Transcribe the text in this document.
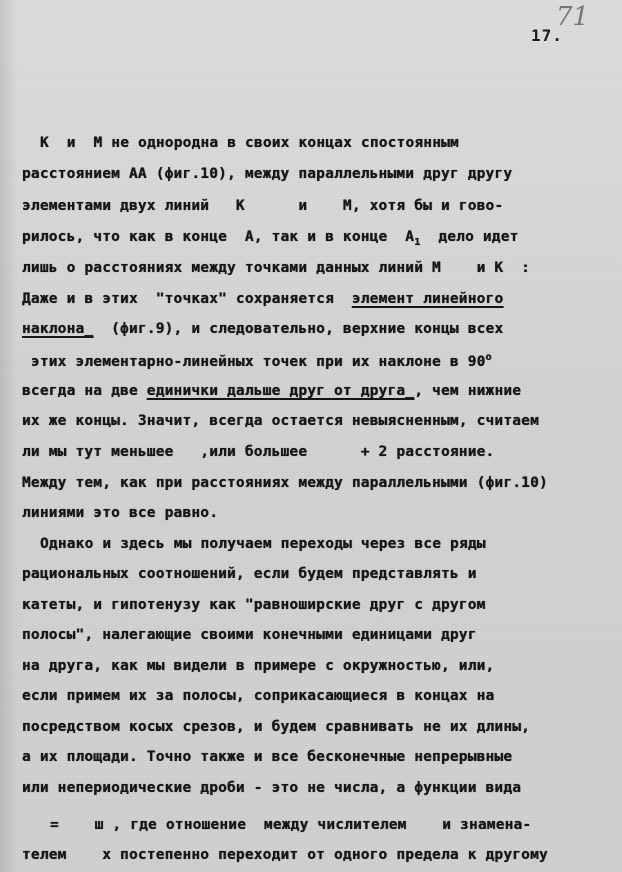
71
17.
К  и  М не однородна в своих концах спостоянным
расстоянием АА (фиг.10), между параллельными друг другу
элементами двух линий   К      и    М, хотя бы и гово-
рилось, что как в конце  А, так и в конце  $А_1$  дело идет
лишь о расстояниях между точками данных линий М    и К  :
Даже и в этих  "точках" сохраняется  элемент линейного
наклона_  (фиг.9), и следовательно, верхние концы всех
этих элементарно-линейных точек при их наклоне в 90$^o$
всегда на две единички дальше друг от друга_, чем нижние
их же концы. Значит, всегда остается невыясненным, считаем
ли мы тут меньшее   ,или большее      + 2 расстояние.
Между тем, как при расстояниях между параллельными (фиг.10)
линиями это все равно.
Однако и здесь мы получаем переходы через все ряды
рациональных соотношений, если будем представлять и
катеты, и гипотенузу как "равноширские друг с другом
полосы", налегающие своими конечными единицами друг
на друга, как мы видели в примере с окружностью, или,
если примем их за полосы, соприкасающиеся в концах на
посредством косых срезов, и будем сравнивать не их длины,
а их площади. Точно также и все бесконечные непрерывные
или непериодические дроби - это не числа, а функции вида
=    ш , где отношение  между числителем    и знамена-
телем    х постепенно переходит от одного предела к другому
